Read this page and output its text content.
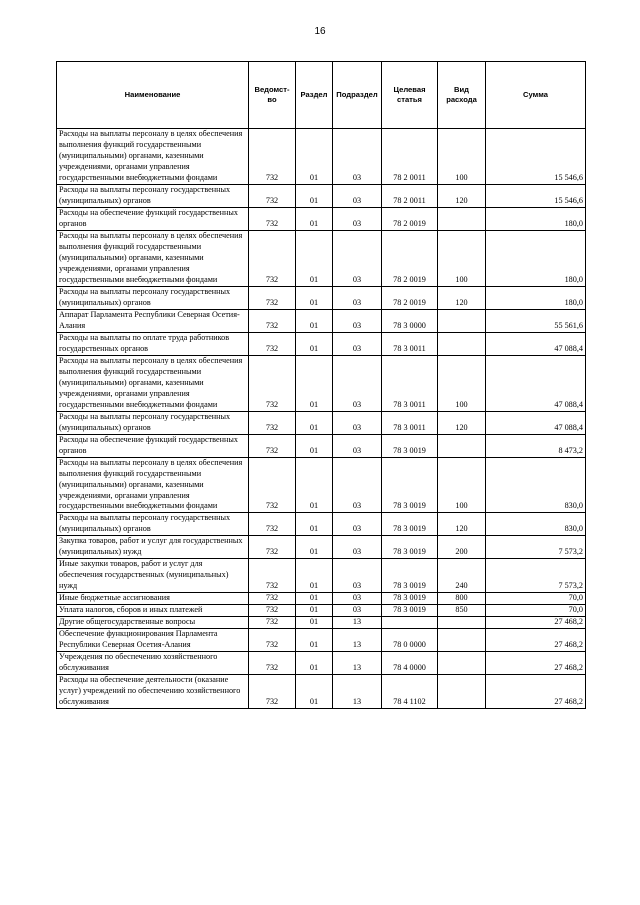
16
Наименование	Ведомст-во	Раздел	Подраздел	Целевая статья	Вид расхода	Сумма
Расходы на выплаты персоналу в целях обеспечения выполнения функций государственными (муниципальными) органами, казенными учреждениями, органами управления государственными внебюджетными фондами	732	01	03	78 2 0011	100	15 546,6
Расходы на выплаты персоналу государственных (муниципальных) органов	732	01	03	78 2 0011	120	15 546,6
Расходы на обеспечение функций государственных органов	732	01	03	78 2 0019		180,0
Расходы на выплаты персоналу в целях обеспечения выполнения функций государственными (муниципальными) органами, казенными учреждениями, органами управления государственными внебюджетными фондами	732	01	03	78 2 0019	100	180,0
Расходы на выплаты персоналу государственных (муниципальных) органов	732	01	03	78 2 0019	120	180,0
Аппарат Парламента Республики Северная Осетия-Алания	732	01	03	78 3 0000		55 561,6
Расходы на выплаты по оплате труда работников государственных органов	732	01	03	78 3 0011		47 088,4
Расходы на выплаты персоналу в целях обеспечения выполнения функций государственными (муниципальными) органами, казенными учреждениями, органами управления государственными внебюджетными фондами	732	01	03	78 3 0011	100	47 088,4
Расходы на выплаты персоналу государственных (муниципальных) органов	732	01	03	78 3 0011	120	47 088,4
Расходы на обеспечение функций государственных органов	732	01	03	78 3 0019		8 473,2
Расходы на выплаты персоналу в целях обеспечения выполнения функций государственными (муниципальными) органами, казенными учреждениями, органами управления государственными внебюджетными фондами	732	01	03	78 3 0019	100	830,0
Расходы на выплаты персоналу государственных (муниципальных) органов	732	01	03	78 3 0019	120	830,0
Закупка товаров, работ и услуг для государственных (муниципальных) нужд	732	01	03	78 3 0019	200	7 573,2
Иные закупки товаров, работ и услуг для обеспечения государственных (муниципальных) нужд	732	01	03	78 3 0019	240	7 573,2
Иные бюджетные ассигнования	732	01	03	78 3 0019	800	70,0
Уплата налогов, сборов и иных платежей	732	01	03	78 3 0019	850	70,0
Другие общегосударственные вопросы	732	01	13			27 468,2
Обеспечение функционирования Парламента Республики Северная Осетия-Алания	732	01	13	78 0 0000		27 468,2
Учреждения по обеспечению хозяйственного обслуживания	732	01	13	78 4 0000		27 468,2
Расходы на обеспечение деятельности (оказание услуг) учреждений по обеспечению хозяйственного обслуживания	732	01	13	78 4 1102		27 468,2
